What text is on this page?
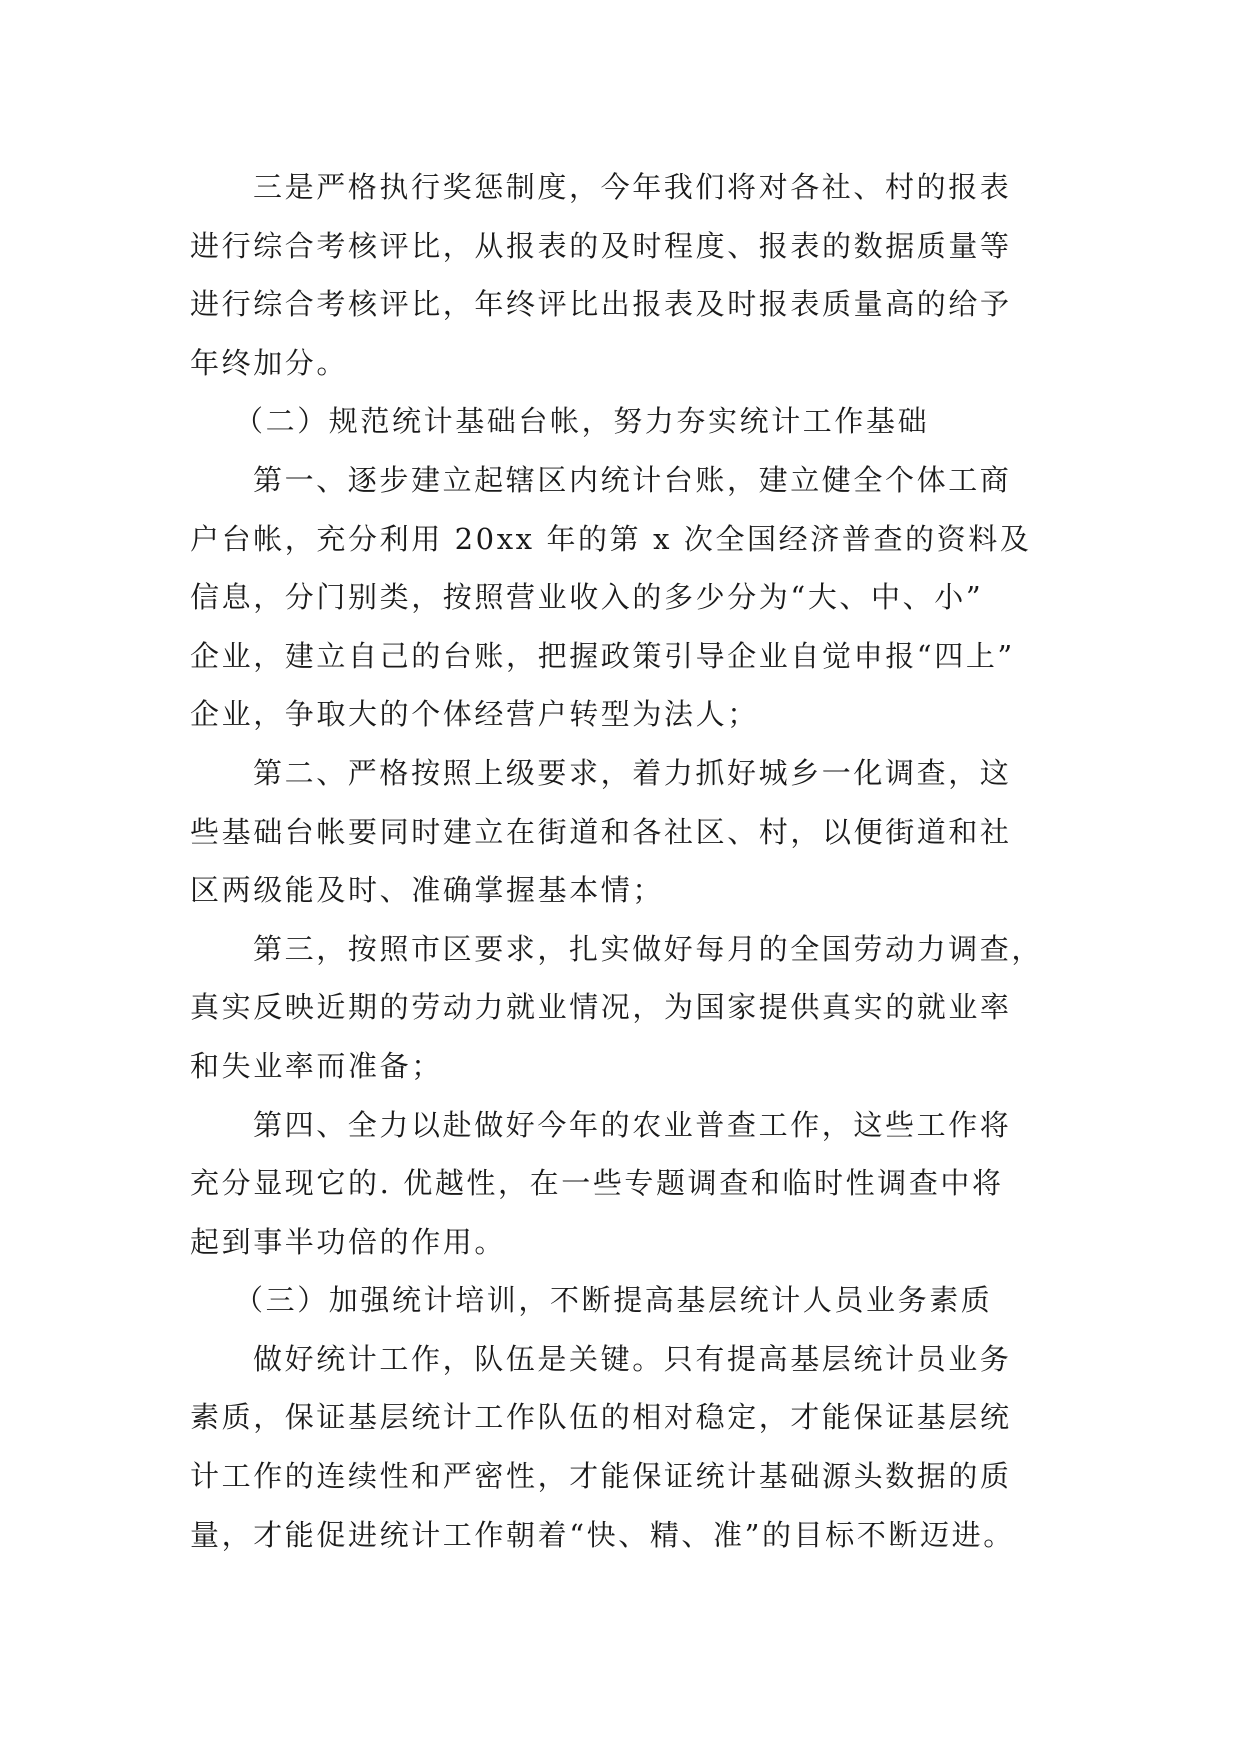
三是严格执行奖惩制度，今年我们将对各社、村的报表
进行综合考核评比，从报表的及时程度、报表的数据质量等
进行综合考核评比，年终评比出报表及时报表质量高的给予
年终加分。

（二）规范统计基础台帐，努力夯实统计工作基础

第一、逐步建立起辖区内统计台账，建立健全个体工商
户台帐，充分利用 20xx 年的第 x 次全国经济普查的资料及
信息，分门别类，按照营业收入的多少分为“大、中、小”
企业，建立自己的台账，把握政策引导企业自觉申报“四上”
企业，争取大的个体经营户转型为法人；

第二、严格按照上级要求，着力抓好城乡一化调查，这
些基础台帐要同时建立在街道和各社区、村，以便街道和社
区两级能及时、准确掌握基本情；

第三，按照市区要求，扎实做好每月的全国劳动力调查，
真实反映近期的劳动力就业情况，为国家提供真实的就业率
和失业率而准备；

第四、全力以赴做好今年的农业普查工作，这些工作将
充分显现它的. 优越性，在一些专题调查和临时性调查中将
起到事半功倍的作用。

（三）加强统计培训，不断提高基层统计人员业务素质

做好统计工作，队伍是关键。只有提高基层统计员业务
素质，保证基层统计工作队伍的相对稳定，才能保证基层统
计工作的连续性和严密性，才能保证统计基础源头数据的质
量，才能促进统计工作朝着“快、精、准”的目标不断迈进。
